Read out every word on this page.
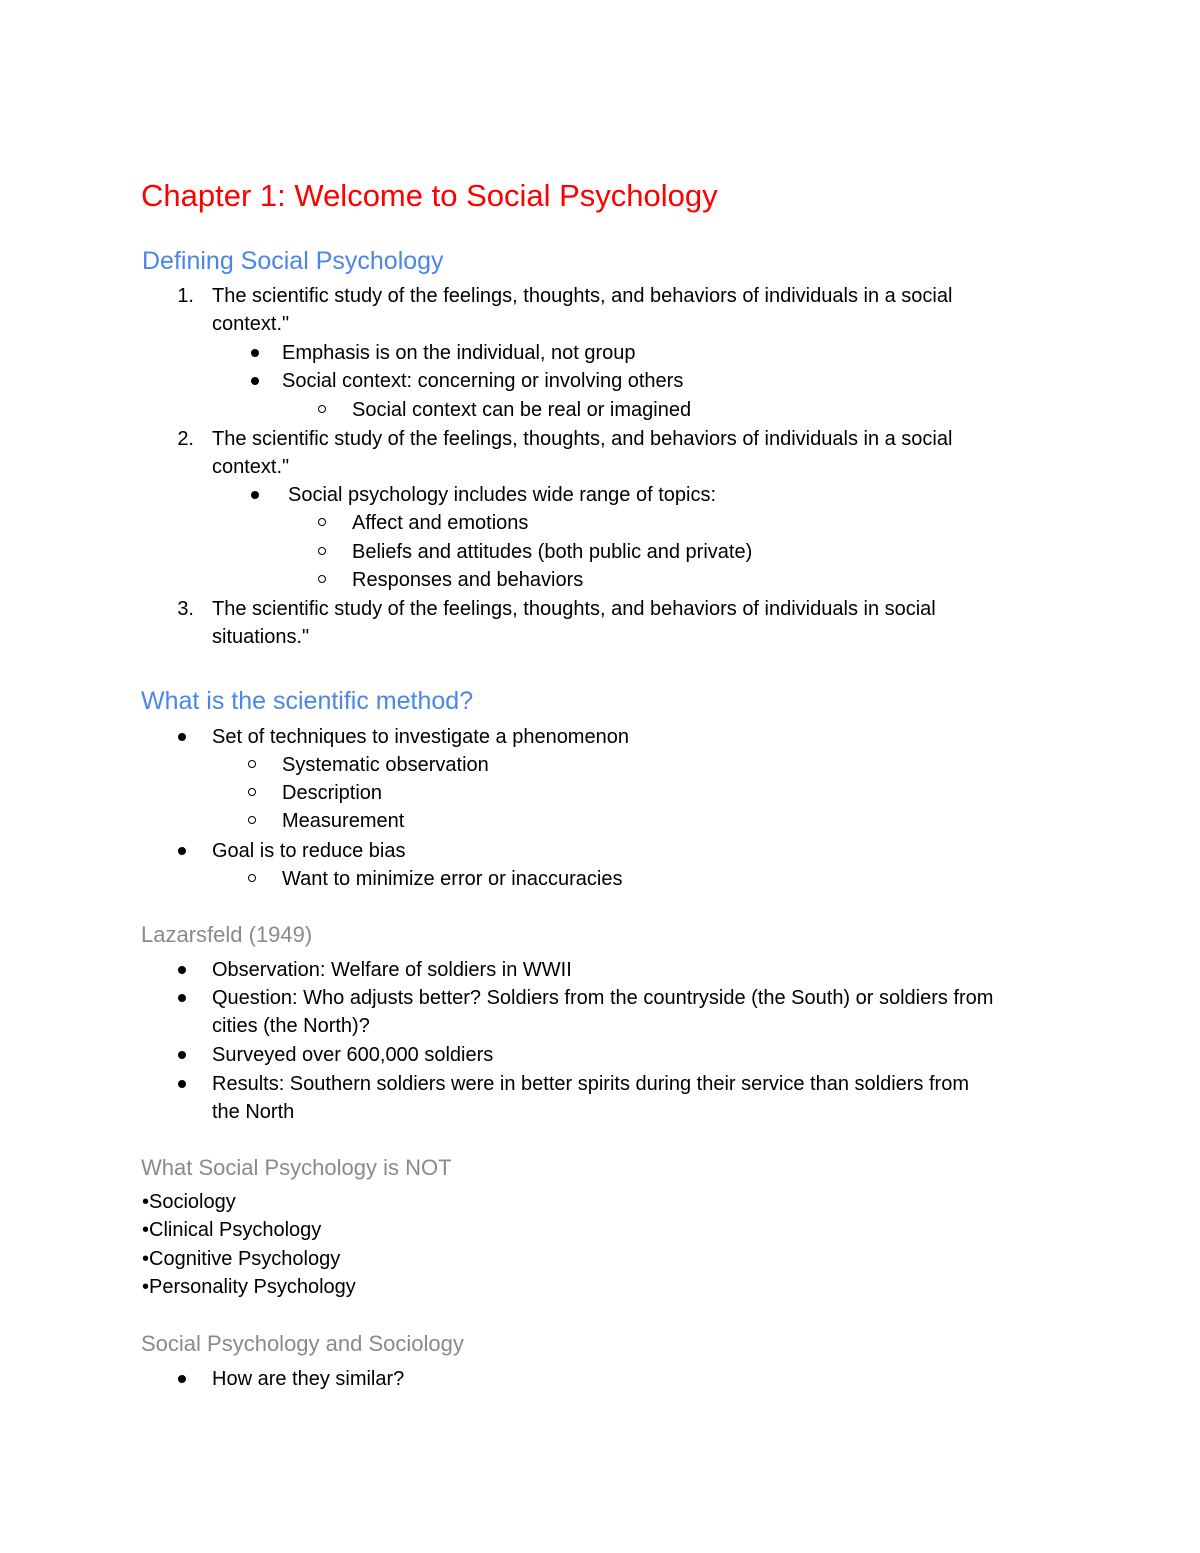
Chapter 1: Welcome to Social Psychology
Defining Social Psychology
1. The scientific study of the feelings, thoughts, and behaviors of individuals in a social
context."
Emphasis is on the individual, not group
Social context: concerning or involving others
Social context can be real or imagined
2. The scientific study of the feelings, thoughts, and behaviors of individuals in a social
context."
Social psychology includes wide range of topics:
Affect and emotions
Beliefs and attitudes (both public and private)
Responses and behaviors
3. The scientific study of the feelings, thoughts, and behaviors of individuals in social
situations."
What is the scientific method?
Set of techniques to investigate a phenomenon
Systematic observation
Description
Measurement
Goal is to reduce bias
Want to minimize error or inaccuracies
Lazarsfeld (1949)
Observation: Welfare of soldiers in WWII
Question: Who adjusts better? Soldiers from the countryside (the South) or soldiers from
cities (the North)?
Surveyed over 600,000 soldiers
Results: Southern soldiers were in better spirits during their service than soldiers from
the North
What Social Psychology is NOT
•Sociology
•Clinical Psychology
•Cognitive Psychology
•Personality Psychology
Social Psychology and Sociology
How are they similar?
